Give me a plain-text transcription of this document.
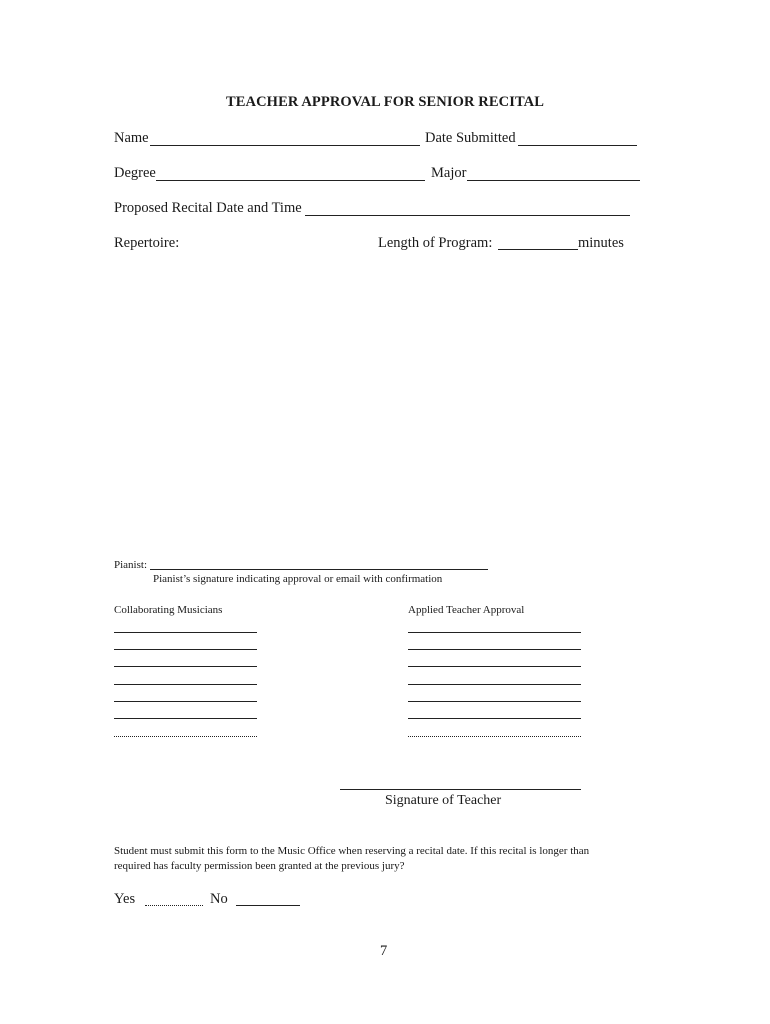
TEACHER APPROVAL FOR SENIOR RECITAL
Name	Date Submitted
Degree	Major
Proposed Recital Date and Time
Repertoire:	Length of Program:	minutes
Pianist:
Pianist’s signature indicating approval or email with confirmation
Collaborating Musicians	Applied Teacher Approval
Signature of Teacher
Student must submit this form to the Music Office when reserving a recital date. If this recital is longer than
required has faculty permission been granted at the previous jury?
Yes	No
7
